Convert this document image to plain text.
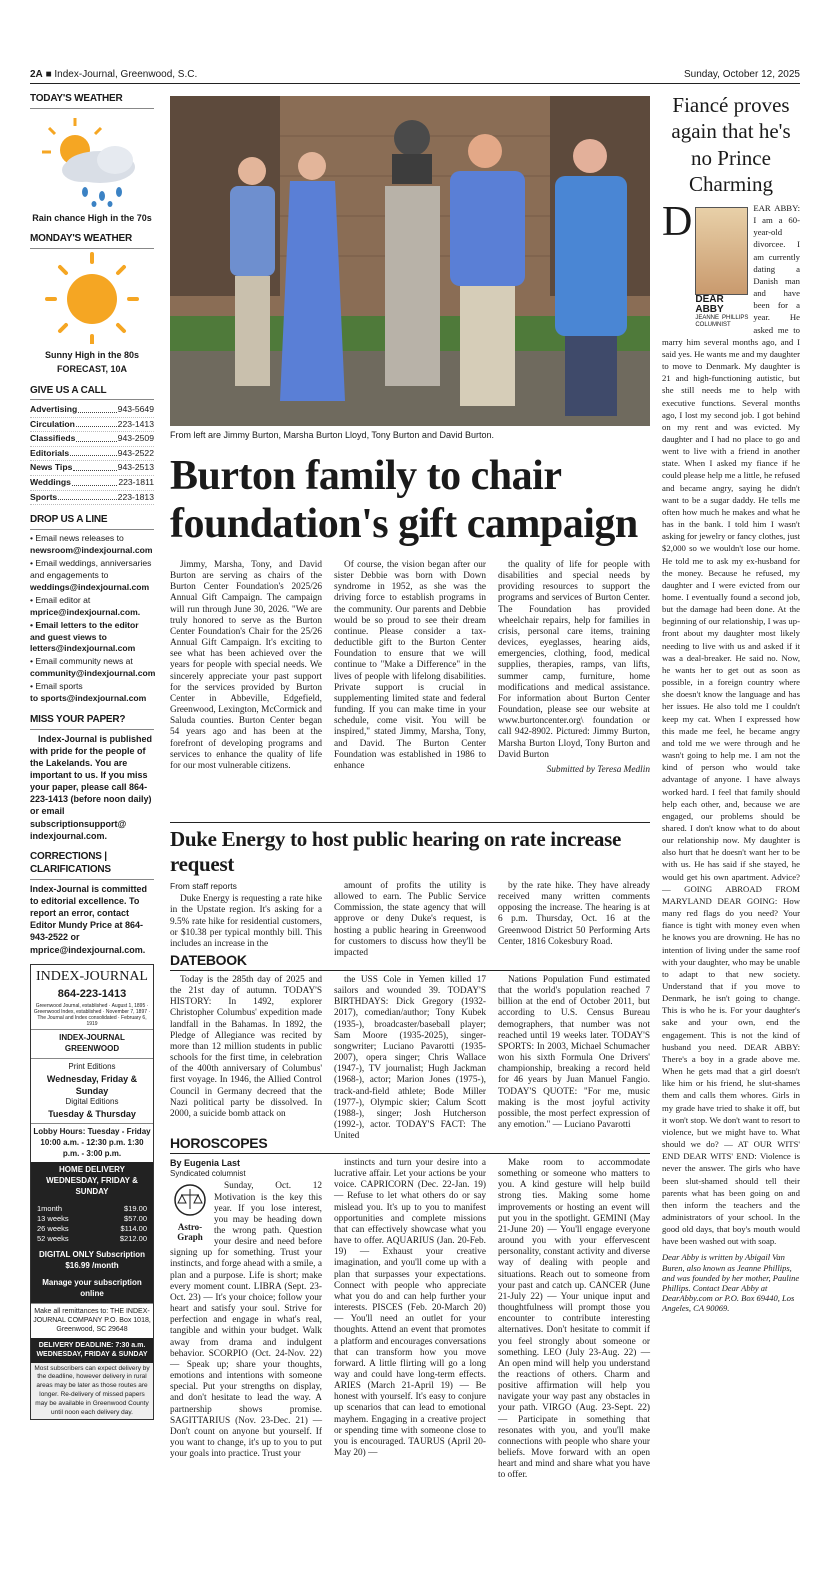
2A ■ Index-Journal, Greenwood, S.C.	Sunday, October 12, 2025
TODAY'S WEATHER
Rain chance High in the 70s
MONDAY'S WEATHER
Sunny High in the 80s
FORECAST, 10A
GIVE US A CALL
Advertising	943-5649
Circulation	223-1413
Classifieds	943-2509
Editorials	943-2522
News Tips	943-2513
Weddings	223-1811
Sports	223-1813
DROP US A LINE

• Email news releases to

newsroom@indexjournal.com

• Email weddings, anniversaries and engagements to

weddings@indexjournal.com

• Email editor at

mprice@indexjournal.com.

• Email letters to the editor and guest views to letters@indexjournal.com

• Email community news at

community@indexjournal.com

• Email sports

to sports@indexjournal.com

MISS YOUR PAPER?
Index-Journal is published with pride for the people of the Lakelands. You are important to us. If you miss your paper, please call 864-223-1413 (before noon daily) or email subscriptionsupport@ indexjournal.com.
CORRECTIONS | CLARIFICATIONS
Index-Journal is committed to editorial excellence. To report an error, contact Editor Mundy Price at 864-943-2522 or mprice@indexjournal.com.
INDEX-JOURNAL
864-223-1413
Greenwood Journal, established · August 1, 1895 · Greenwood Index, established · November 7, 1897 · The Journal and Index consolidated · February 6, 1919
INDEX-JOURNAL GREENWOOD
Print Editions
Wednesday, Friday & Sunday
Digital Editions
Tuesday & Thursday
Lobby Hours: Tuesday - Friday 10:00 a.m. - 12:30 p.m. 1:30 p.m. - 3:00 p.m.
HOME DELIVERY WEDNESDAY, FRIDAY & SUNDAY
1month	$19.00
13 weeks	$57.00
26 weeks	$114.00
52 weeks	$212.00
DIGITAL ONLY Subscription $16.99 /month
Manage your subscription online
Make all remittances to: THE INDEX-JOURNAL COMPANY P.O. Box 1018, Greenwood, SC 29648
DELIVERY DEADLINE: 7:30 a.m. WEDNESDAY, FRIDAY & SUNDAY
Most subscribers can expect delivery by the deadline, however delivery in rural areas may be later as those routes are longer. Re-delivery of missed papers may be available in Greenwood County until noon each delivery day.
From left are Jimmy Burton, Marsha Burton Lloyd, Tony Burton and David Burton.
Burton family to chair foundation's gift campaign

Jimmy, Marsha, Tony, and David Burton are serving as chairs of the Burton Center Foundation's 2025/26 Annual Gift Campaign. The campaign will run through June 30, 2026. "We are truly honored to serve as the Burton Center Foundation's Chair for the 25/26 Annual Gift Campaign. It's exciting to see what has been achieved over the years for people with special needs. We sincerely appreciate your past support for the services provided by Burton Center in Abbeville, Edgefield, Greenwood, Lexington, McCormick and Saluda counties. Burton Center began 54 years ago and has been at the forefront of developing programs and services to enhance the quality of life for our most vulnerable citizens.

Of course, the vision began after our sister Debbie was born with Down syndrome in 1952, as she was the driving force to establish programs in the community. Our parents and Debbie would be so proud to see their dream continue. Please consider a tax-deductible gift to the Burton Center Foundation to ensure that we will continue to "Make a Difference" in the lives of people with lifelong disabilities. Private support is crucial in supplementing limited state and federal funding. If you can make time in your schedule, come visit. You will be inspired," stated Jimmy, Marsha, Tony, and David. The Burton Center Foundation was established in 1986 to enhance

the quality of life for people with disabilities and special needs by providing resources to support the programs and services of Burton Center. The Foundation has provided wheelchair repairs, help for families in crisis, personal care items, training devices, eyeglasses, hearing aids, emergencies, clothing, food, medical supplies, therapies, ramps, van lifts, summer camp, furniture, home modifications and medical assistance. For information about Burton Center Foundation, please see our website at www.burtoncenter.org\ foundation or call 942-8902. Pictured: Jimmy Burton, Marsha Burton Lloyd, Tony Burton and David Burton

Submitted by Teresa Medlin
Duke Energy to host public hearing on rate increase request
From staff reports

Duke Energy is requesting a rate hike in the Upstate region. It's asking for a 9.5% rate hike for residential customers, or $10.38 per typical monthly bill. This includes an increase in the

amount of profits the utility is allowed to earn. The Public Service Commission, the state agency that will approve or deny Duke's request, is hosting a public hearing in Greenwood for customers to discuss how they'll be impacted

by the rate hike. They have already received many written comments opposing the increase. The hearing is at 6 p.m. Thursday, Oct. 16 at the Greenwood District 50 Performing Arts Center, 1816 Cokesbury Road.

DATEBOOK

Today is the 285th day of 2025 and the 21st day of autumn. TODAY'S HISTORY: In 1492, explorer Christopher Columbus' expedition made landfall in the Bahamas. In 1892, the Pledge of Allegiance was recited by more than 12 million students in public schools for the first time, in celebration of the 400th anniversary of Columbus' first voyage. In 1946, the Allied Control Council in Germany decreed that the Nazi political party be dissolved. In 2000, a suicide bomb attack on

the USS Cole in Yemen killed 17 sailors and wounded 39. TODAY'S BIRTHDAYS: Dick Gregory (1932-2017), comedian/author; Tony Kubek (1935-), broadcaster/baseball player; Sam Moore (1935-2025), singer-songwriter; Luciano Pavarotti (1935-2007), opera singer; Chris Wallace (1947-), TV journalist; Hugh Jackman (1968-), actor; Marion Jones (1975-), track-and-field athlete; Bode Miller (1977-), Olympic skier; Calum Scott (1988-), singer; Josh Hutcherson (1992-), actor. TODAY'S FACT: The United

Nations Population Fund estimated that the world's population reached 7 billion at the end of October 2011, but according to U.S. Census Bureau demographers, that number was not reached until 19 weeks later. TODAY'S SPORTS: In 2003, Michael Schumacher won his sixth Formula One Drivers' championship, breaking a record held for 46 years by Juan Manuel Fangio. TODAY'S QUOTE: "For me, music making is the most joyful activity possible, the most perfect expression of any emotion." — Luciano Pavarotti

HOROSCOPES
By Eugenia Last
Syndicated columnist
Astro-Graph

Sunday, Oct. 12 Motivation is the key this year. If you lose interest, you may be heading down the wrong path. Question your desire and need before signing up for something. Trust your instincts, and forge ahead with a smile, a plan and a purpose. Life is short; make every moment count. LIBRA (Sept. 23-Oct. 23) — It's your choice; follow your heart and satisfy your soul. Strive for perfection and engage in what's real, tangible and within your budget. Walk away from drama and indulgent behavior. SCORPIO (Oct. 24-Nov. 22) — Speak up; share your thoughts, emotions and intentions with someone special. Put your strengths on display, and don't hesitate to lead the way. A partnership shows promise. SAGITTARIUS (Nov. 23-Dec. 21) — Don't count on anyone but yourself. If you want to change, it's up to you to put your goals into practice. Trust your

instincts and turn your desire into a lucrative affair. Let your actions be your voice. CAPRICORN (Dec. 22-Jan. 19) — Refuse to let what others do or say mislead you. It's up to you to manifest opportunities and complete missions that can effectively showcase what you have to offer. AQUARIUS (Jan. 20-Feb. 19) — Exhaust your creative imagination, and you'll come up with a plan that surpasses your expectations. Connect with people who appreciate what you do and can help further your interests. PISCES (Feb. 20-March 20) — You'll need an outlet for your thoughts. Attend an event that promotes a platform and encourages conversations that can transform how you move forward. A little flirting will go a long way and could have long-term effects. ARIES (March 21-April 19) — Be honest with yourself. It's easy to conjure up scenarios that can lead to emotional mayhem. Engaging in a creative project or spending time with someone close to you is encouraged. TAURUS (April 20-May 20) —

Make room to accommodate something or someone who matters to you. A kind gesture will help build strong ties. Making some home improvements or hosting an event will put you in the spotlight. GEMINI (May 21-June 20) — You'll engage everyone around you with your effervescent personality, constant activity and diverse way of dealing with people and situations. Reach out to someone from your past and catch up. CANCER (June 21-July 22) — Your unique input and thoughtfulness will prompt those you encounter to contribute interesting alternatives. Don't hesitate to commit if you feel strongly about someone or something. LEO (July 23-Aug. 22) — An open mind will help you understand the reactions of others. Charm and positive affirmation will help you navigate your way past any obstacles in your path. VIRGO (Aug. 23-Sept. 22) — Participate in something that resonates with you, and you'll make connections with people who share your beliefs. Move forward with an open heart and mind and share what you have to offer.

Fiancé proves again that he's no Prince Charming
D
DEAR ABBY
JEANNE PHILLIPS COLUMNIST
EAR ABBY: I am a 60-year-old divorcee. I am currently dating a Danish man and have been for a year. He asked me to marry him several months ago, and I said yes. He wants me and my daughter to move to Denmark. My daughter is 21 and high-functioning autistic, but she still needs me to help with executive functions. Several months ago, I lost my second job. I got behind on my rent and was evicted. My daughter and I had no place to go and went to live with a friend in another state. When I asked my fiance if he could please help me a little, he refused and became angry, saying he didn't want to be a sugar daddy. He tells me often how much he makes and what he has in the bank. I told him I wasn't asking for jewelry or fancy clothes, just $2,000 so we wouldn't lose our home. He told me to ask my ex-husband for the money. Because he refused, my daughter and I were evicted from our home. I eventually found a second job, but the damage had been done. At the beginning of our relationship, I was up-front about my daughter most likely needing to live with us and asked if it was a deal-breaker. He said no. Now, he wants her to get out as soon as possible, in a foreign country where she doesn't know the language and has her issues. He also told me I couldn't keep my cat. When I expressed how this made me feel, he became angry and told me we were through and he wasn't going to help me. I am not the kind of person who would take advantage of anyone. I have always worked hard. I feel that family should help each other, and, because we are engaged, our problems should be shared. I don't know what to do about our relationship now. My daughter is also hurt that he doesn't want her to be with us. He has said if she stayed, he would get his own apartment. Advice? — GOING ABROAD FROM MARYLAND DEAR GOING: How many red flags do you need? Your fiance is tight with money even when he knows you are drowning. He has no intention of living under the same roof with your daughter, who may be unable to adapt to that new society. Understand that if you move to Denmark, he isn't going to change. This is who he is. For your daughter's sake and your own, end the engagement. This is not the kind of husband you need. DEAR ABBY: There's a boy in a grade above me. When he gets mad that a girl doesn't like him or his friend, he slut-shames them and calls them whores. Girls in my grade have tried to shake it off, but it won't stop. We don't want to resort to violence, but we might have to. What should we do? — AT OUR WITS' END DEAR WITS' END: Violence is never the answer. The girls who have been slut-shamed should tell their parents what has been going on and then inform the teachers and the administrators of your school. In the good old days, that boy's mouth would have been washed out with soap.
Dear Abby is written by Abigail Van Buren, also known as Jeanne Phillips, and was founded by her mother, Pauline Phillips. Contact Dear Abby at DearAbby.com or P.O. Box 69440, Los Angeles, CA 90069.
